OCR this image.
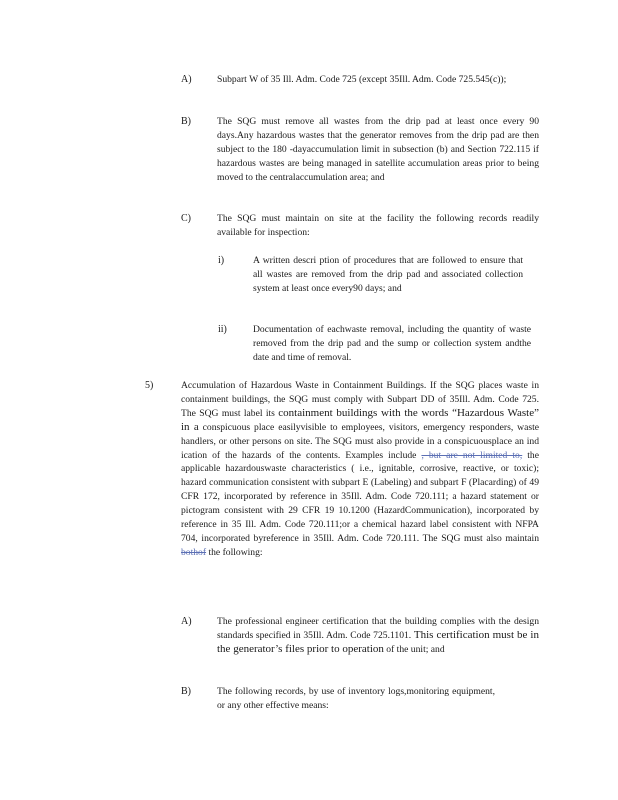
A)	Subpart W of 35 Ill. Adm. Code 725 (except 35Ill. Adm. Code 725.545(c));
B)	The SQG must remove all wastes from the drip pad at least once every 90 days.Any hazardous wastes that the generator removes from the drip pad are then subject to the 180 -dayaccumulation limit in subsection (b) and Section 722.115 if hazardous wastes are being managed in satellite accumulation areas prior to being moved to the centralaccumulation area; and
C)	The SQG must maintain on site at the facility the following records readily available for inspection:
i)	A written descri ption of procedures that are followed to ensure that all wastes are removed from the drip pad and associated collection system at least once every90 days; and
ii)	Documentation of eachwaste removal, including the quantity of waste removed from the drip pad and the sump or collection system andthe date and time of removal.
5)	Accumulation of Hazardous Waste in Containment Buildings. If the SQG places waste in containment buildings, the SQG must comply with Subpart DD of 35Ill. Adm. Code 725. The SQG must label its containment buildings with the words “Hazardous Waste” in a conspicuous place easilyvisible to employees, visitors, emergency responders, waste handlers, or other persons on site. The SQG must also provide in a conspicuousplace an ind ication of the hazards of the contents. Examples include , but are not limited to, the applicable hazardouswaste characteristics ( i.e., ignitable, corrosive, reactive, or toxic); hazard communication consistent with subpart E (Labeling) and subpart F (Placarding) of 49 CFR 172, incorporated by reference in 35Ill. Adm. Code 720.111; a hazard statement or pictogram consistent with 29 CFR 19 10.1200 (HazardCommunication), incorporated by reference in 35 Ill. Adm. Code 720.111;or a chemical hazard label consistent with NFPA 704, incorporated byreference in 35Ill. Adm. Code 720.111. The SQG must also maintain bothof the following:
A)	The professional engineer certification that the building complies with the design standards specified in 35Ill. Adm. Code 725.1101. This certification must be in the generator’s files prior to operation of the unit; and
B)	The following records, by use of inventory logs,monitoring equipment, or any other effective means:
